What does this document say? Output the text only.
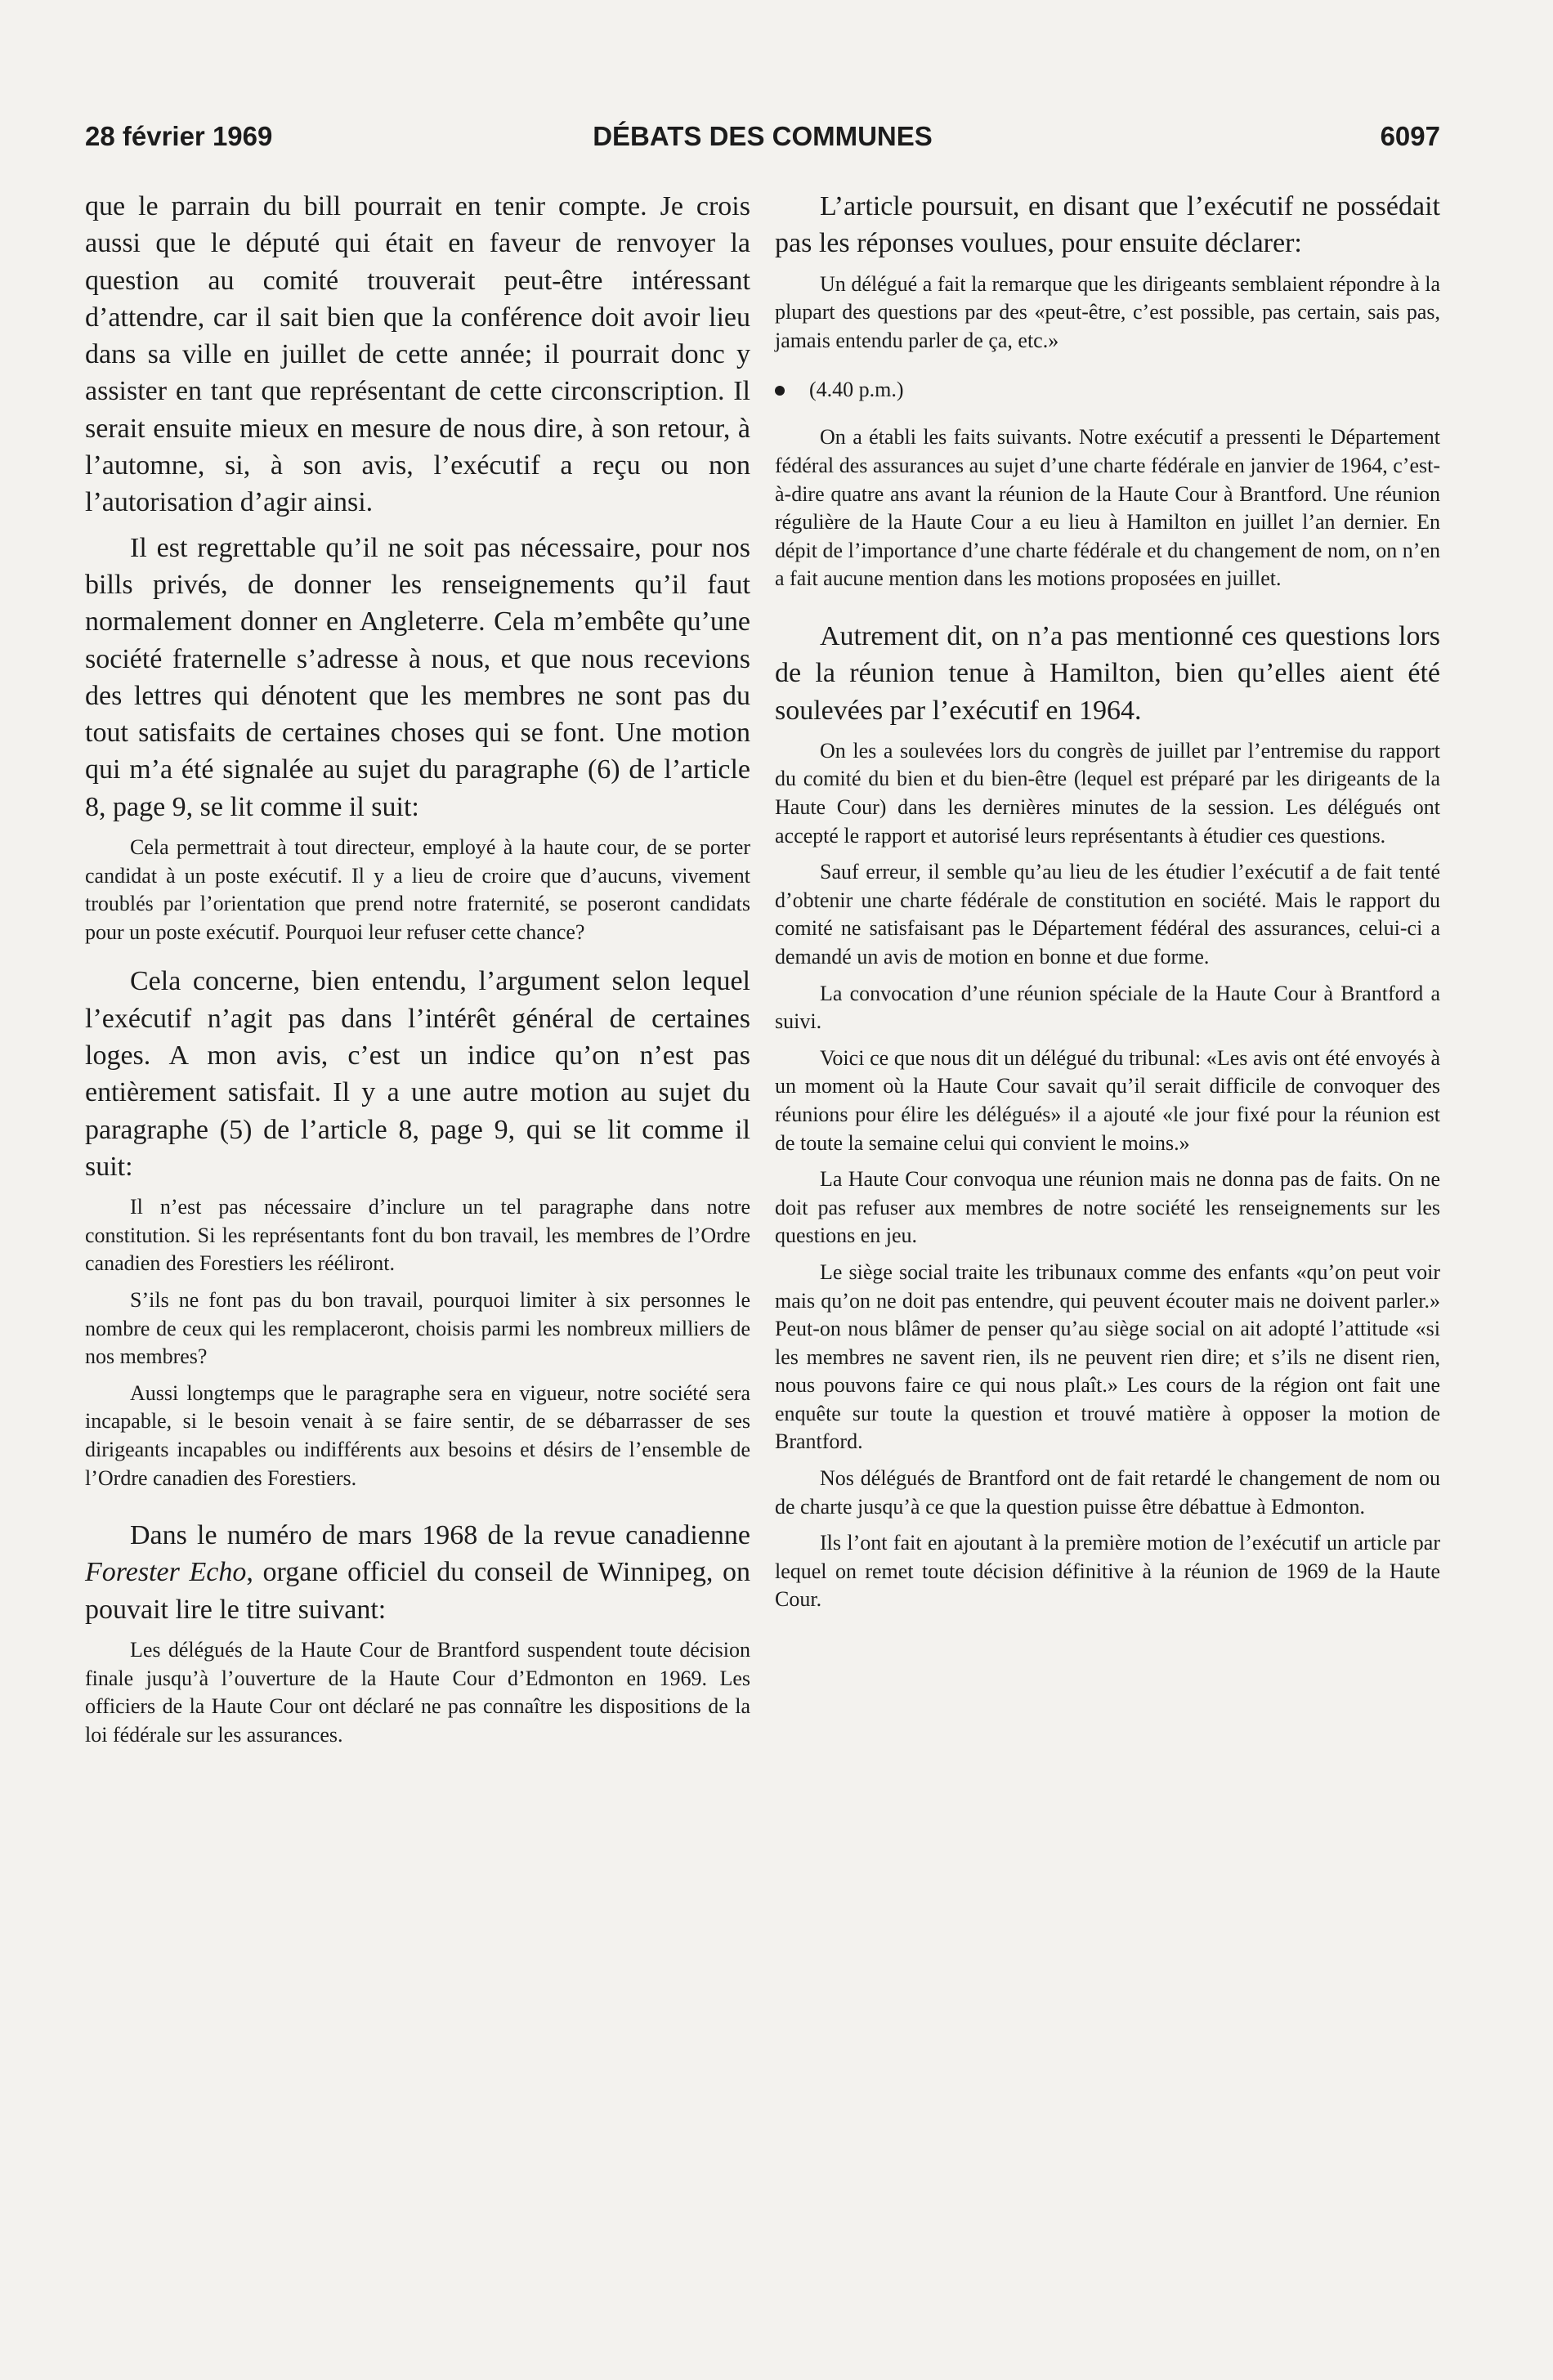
28 février 1969	DÉBATS DES COMMUNES	6097

que le parrain du bill pourrait en tenir compte. Je crois aussi que le député qui était en faveur de renvoyer la question au comité trouverait peut-être intéressant d’attendre, car il sait bien que la conférence doit avoir lieu dans sa ville en juillet de cette année; il pourrait donc y assister en tant que représentant de cette circonscription. Il serait ensuite mieux en mesure de nous dire, à son retour, à l’automne, si, à son avis, l’exécutif a reçu ou non l’autorisation d’agir ainsi.

Il est regrettable qu’il ne soit pas nécessaire, pour nos bills privés, de donner les renseignements qu’il faut normalement donner en Angleterre. Cela m’embête qu’une société fraternelle s’adresse à nous, et que nous recevions des lettres qui dénotent que les membres ne sont pas du tout satisfaits de certaines choses qui se font. Une motion qui m’a été signalée au sujet du paragraphe (6) de l’article 8, page 9, se lit comme il suit:

Cela permettrait à tout directeur, employé à la haute cour, de se porter candidat à un poste exécutif. Il y a lieu de croire que d’aucuns, vivement troublés par l’orientation que prend notre fraternité, se poseront candidats pour un poste exécutif. Pourquoi leur refuser cette chance?

Cela concerne, bien entendu, l’argument selon lequel l’exécutif n’agit pas dans l’intérêt général de certaines loges. A mon avis, c’est un indice qu’on n’est pas entièrement satisfait. Il y a une autre motion au sujet du paragraphe (5) de l’article 8, page 9, qui se lit comme il suit:

Il n’est pas nécessaire d’inclure un tel paragraphe dans notre constitution. Si les représentants font du bon travail, les membres de l’Ordre canadien des Forestiers les rééliront.

S’ils ne font pas du bon travail, pourquoi limiter à six personnes le nombre de ceux qui les remplaceront, choisis parmi les nombreux milliers de nos membres?

Aussi longtemps que le paragraphe sera en vigueur, notre société sera incapable, si le besoin venait à se faire sentir, de se débarrasser de ses dirigeants incapables ou indifférents aux besoins et désirs de l’ensemble de l’Ordre canadien des Forestiers.

Dans le numéro de mars 1968 de la revue canadienne Forester Echo, organe officiel du conseil de Winnipeg, on pouvait lire le titre suivant:

Les délégués de la Haute Cour de Brantford suspendent toute décision finale jusqu’à l’ouverture de la Haute Cour d’Edmonton en 1969. Les officiers de la Haute Cour ont déclaré ne pas connaître les dispositions de la loi fédérale sur les assurances.

L’article poursuit, en disant que l’exécutif ne possédait pas les réponses voulues, pour ensuite déclarer:

Un délégué a fait la remarque que les dirigeants semblaient répondre à la plupart des questions par des «peut-être, c’est possible, pas certain, sais pas, jamais entendu parler de ça, etc.»

(4.40 p.m.)

On a établi les faits suivants. Notre exécutif a pressenti le Département fédéral des assurances au sujet d’une charte fédérale en janvier de 1964, c’est-à-dire quatre ans avant la réunion de la Haute Cour à Brantford. Une réunion régulière de la Haute Cour a eu lieu à Hamilton en juillet l’an dernier. En dépit de l’importance d’une charte fédérale et du changement de nom, on n’en a fait aucune mention dans les motions proposées en juillet.

Autrement dit, on n’a pas mentionné ces questions lors de la réunion tenue à Hamilton, bien qu’elles aient été soulevées par l’exécutif en 1964.

On les a soulevées lors du congrès de juillet par l’entremise du rapport du comité du bien et du bien-être (lequel est préparé par les dirigeants de la Haute Cour) dans les dernières minutes de la session. Les délégués ont accepté le rapport et autorisé leurs représentants à étudier ces questions.

Sauf erreur, il semble qu’au lieu de les étudier l’exécutif a de fait tenté d’obtenir une charte fédérale de constitution en société. Mais le rapport du comité ne satisfaisant pas le Département fédéral des assurances, celui-ci a demandé un avis de motion en bonne et due forme.

La convocation d’une réunion spéciale de la Haute Cour à Brantford a suivi.

Voici ce que nous dit un délégué du tribunal: «Les avis ont été envoyés à un moment où la Haute Cour savait qu’il serait difficile de convoquer des réunions pour élire les délégués» il a ajouté «le jour fixé pour la réunion est de toute la semaine celui qui convient le moins.»

La Haute Cour convoqua une réunion mais ne donna pas de faits. On ne doit pas refuser aux membres de notre société les renseignements sur les questions en jeu.

Le siège social traite les tribunaux comme des enfants «qu’on peut voir mais qu’on ne doit pas entendre, qui peuvent écouter mais ne doivent parler.» Peut-on nous blâmer de penser qu’au siège social on ait adopté l’attitude «si les membres ne savent rien, ils ne peuvent rien dire; et s’ils ne disent rien, nous pouvons faire ce qui nous plaît.» Les cours de la région ont fait une enquête sur toute la question et trouvé matière à opposer la motion de Brantford.

Nos délégués de Brantford ont de fait retardé le changement de nom ou de charte jusqu’à ce que la question puisse être débattue à Edmonton.

Ils l’ont fait en ajoutant à la première motion de l’exécutif un article par lequel on remet toute décision définitive à la réunion de 1969 de la Haute Cour.
